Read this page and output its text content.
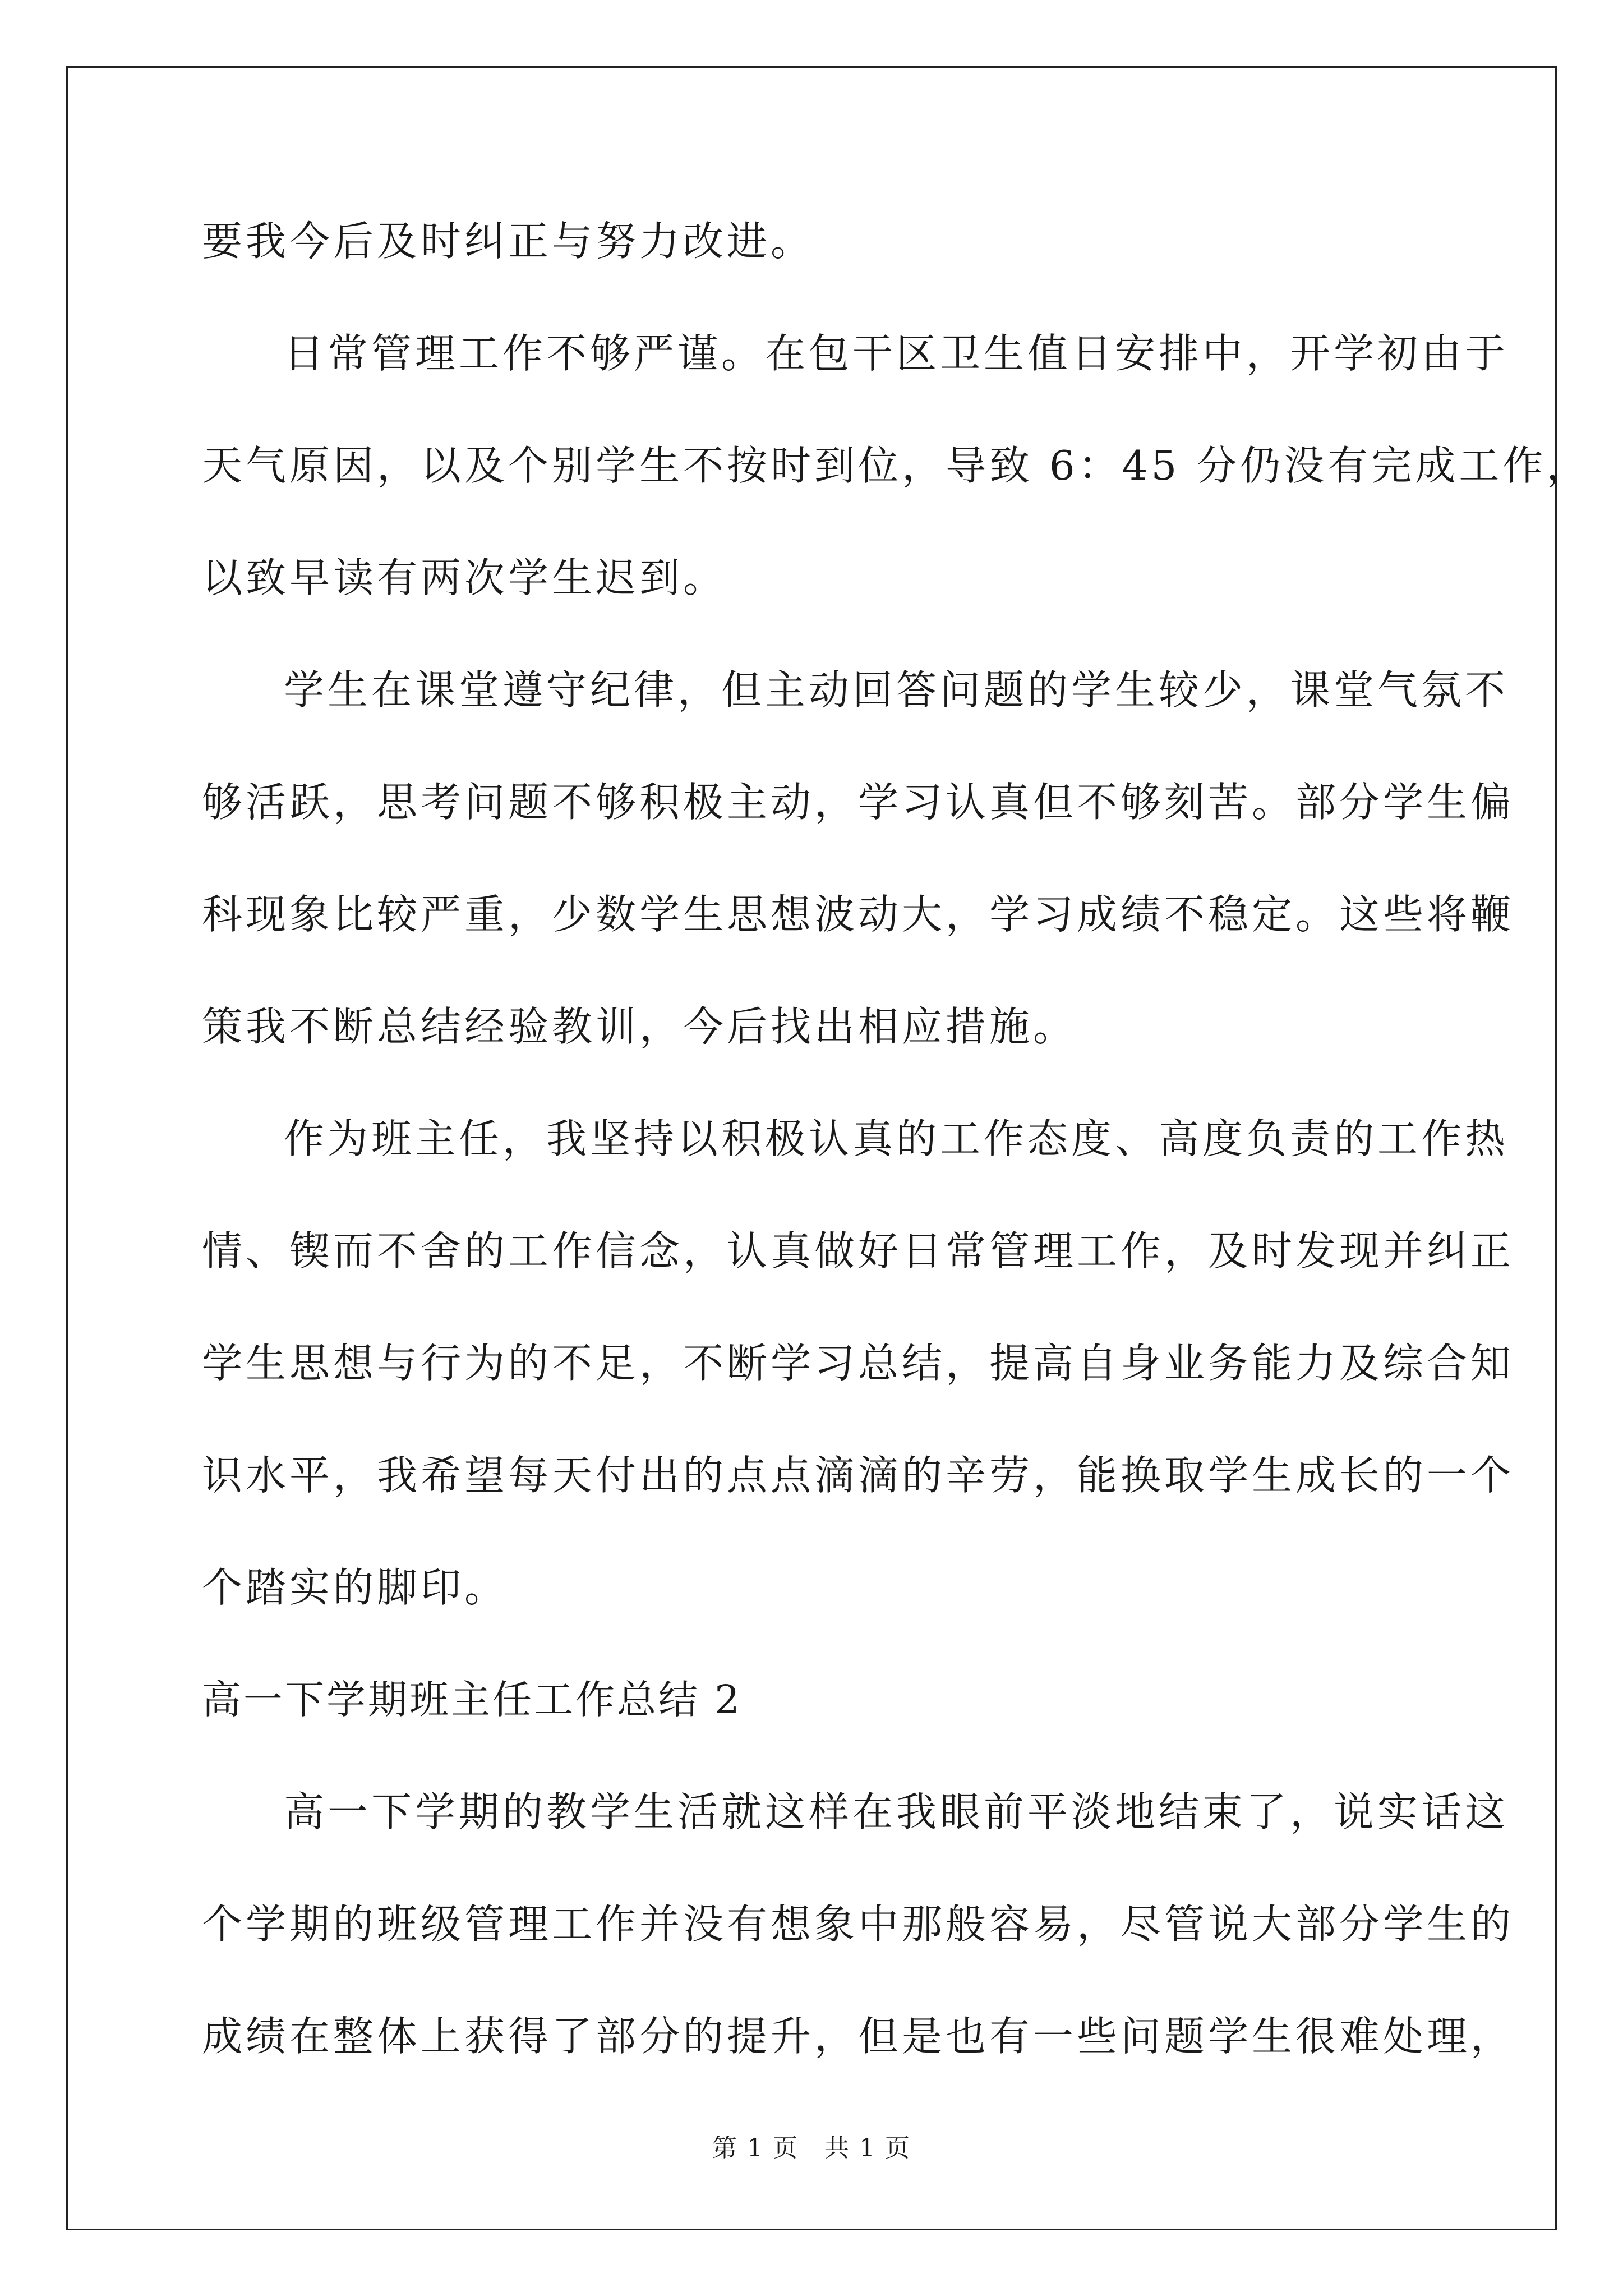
要我今后及时纠正与努力改进。
日常管理工作不够严谨。在包干区卫生值日安排中，开学初由于
天气原因，以及个别学生不按时到位，导致 6：45 分仍没有完成工作，
以致早读有两次学生迟到。
学生在课堂遵守纪律，但主动回答问题的学生较少，课堂气氛不
够活跃，思考问题不够积极主动，学习认真但不够刻苦。部分学生偏
科现象比较严重，少数学生思想波动大，学习成绩不稳定。这些将鞭
策我不断总结经验教训，今后找出相应措施。
作为班主任，我坚持以积极认真的工作态度、高度负责的工作热
情、锲而不舍的工作信念，认真做好日常管理工作，及时发现并纠正
学生思想与行为的不足，不断学习总结，提高自身业务能力及综合知
识水平，我希望每天付出的点点滴滴的辛劳，能换取学生成长的一个
个踏实的脚印。
高一下学期班主任工作总结 2
高一下学期的教学生活就这样在我眼前平淡地结束了，说实话这
个学期的班级管理工作并没有想象中那般容易，尽管说大部分学生的
成绩在整体上获得了部分的提升，但是也有一些问题学生很难处理，
第 1 页　共 1 页
